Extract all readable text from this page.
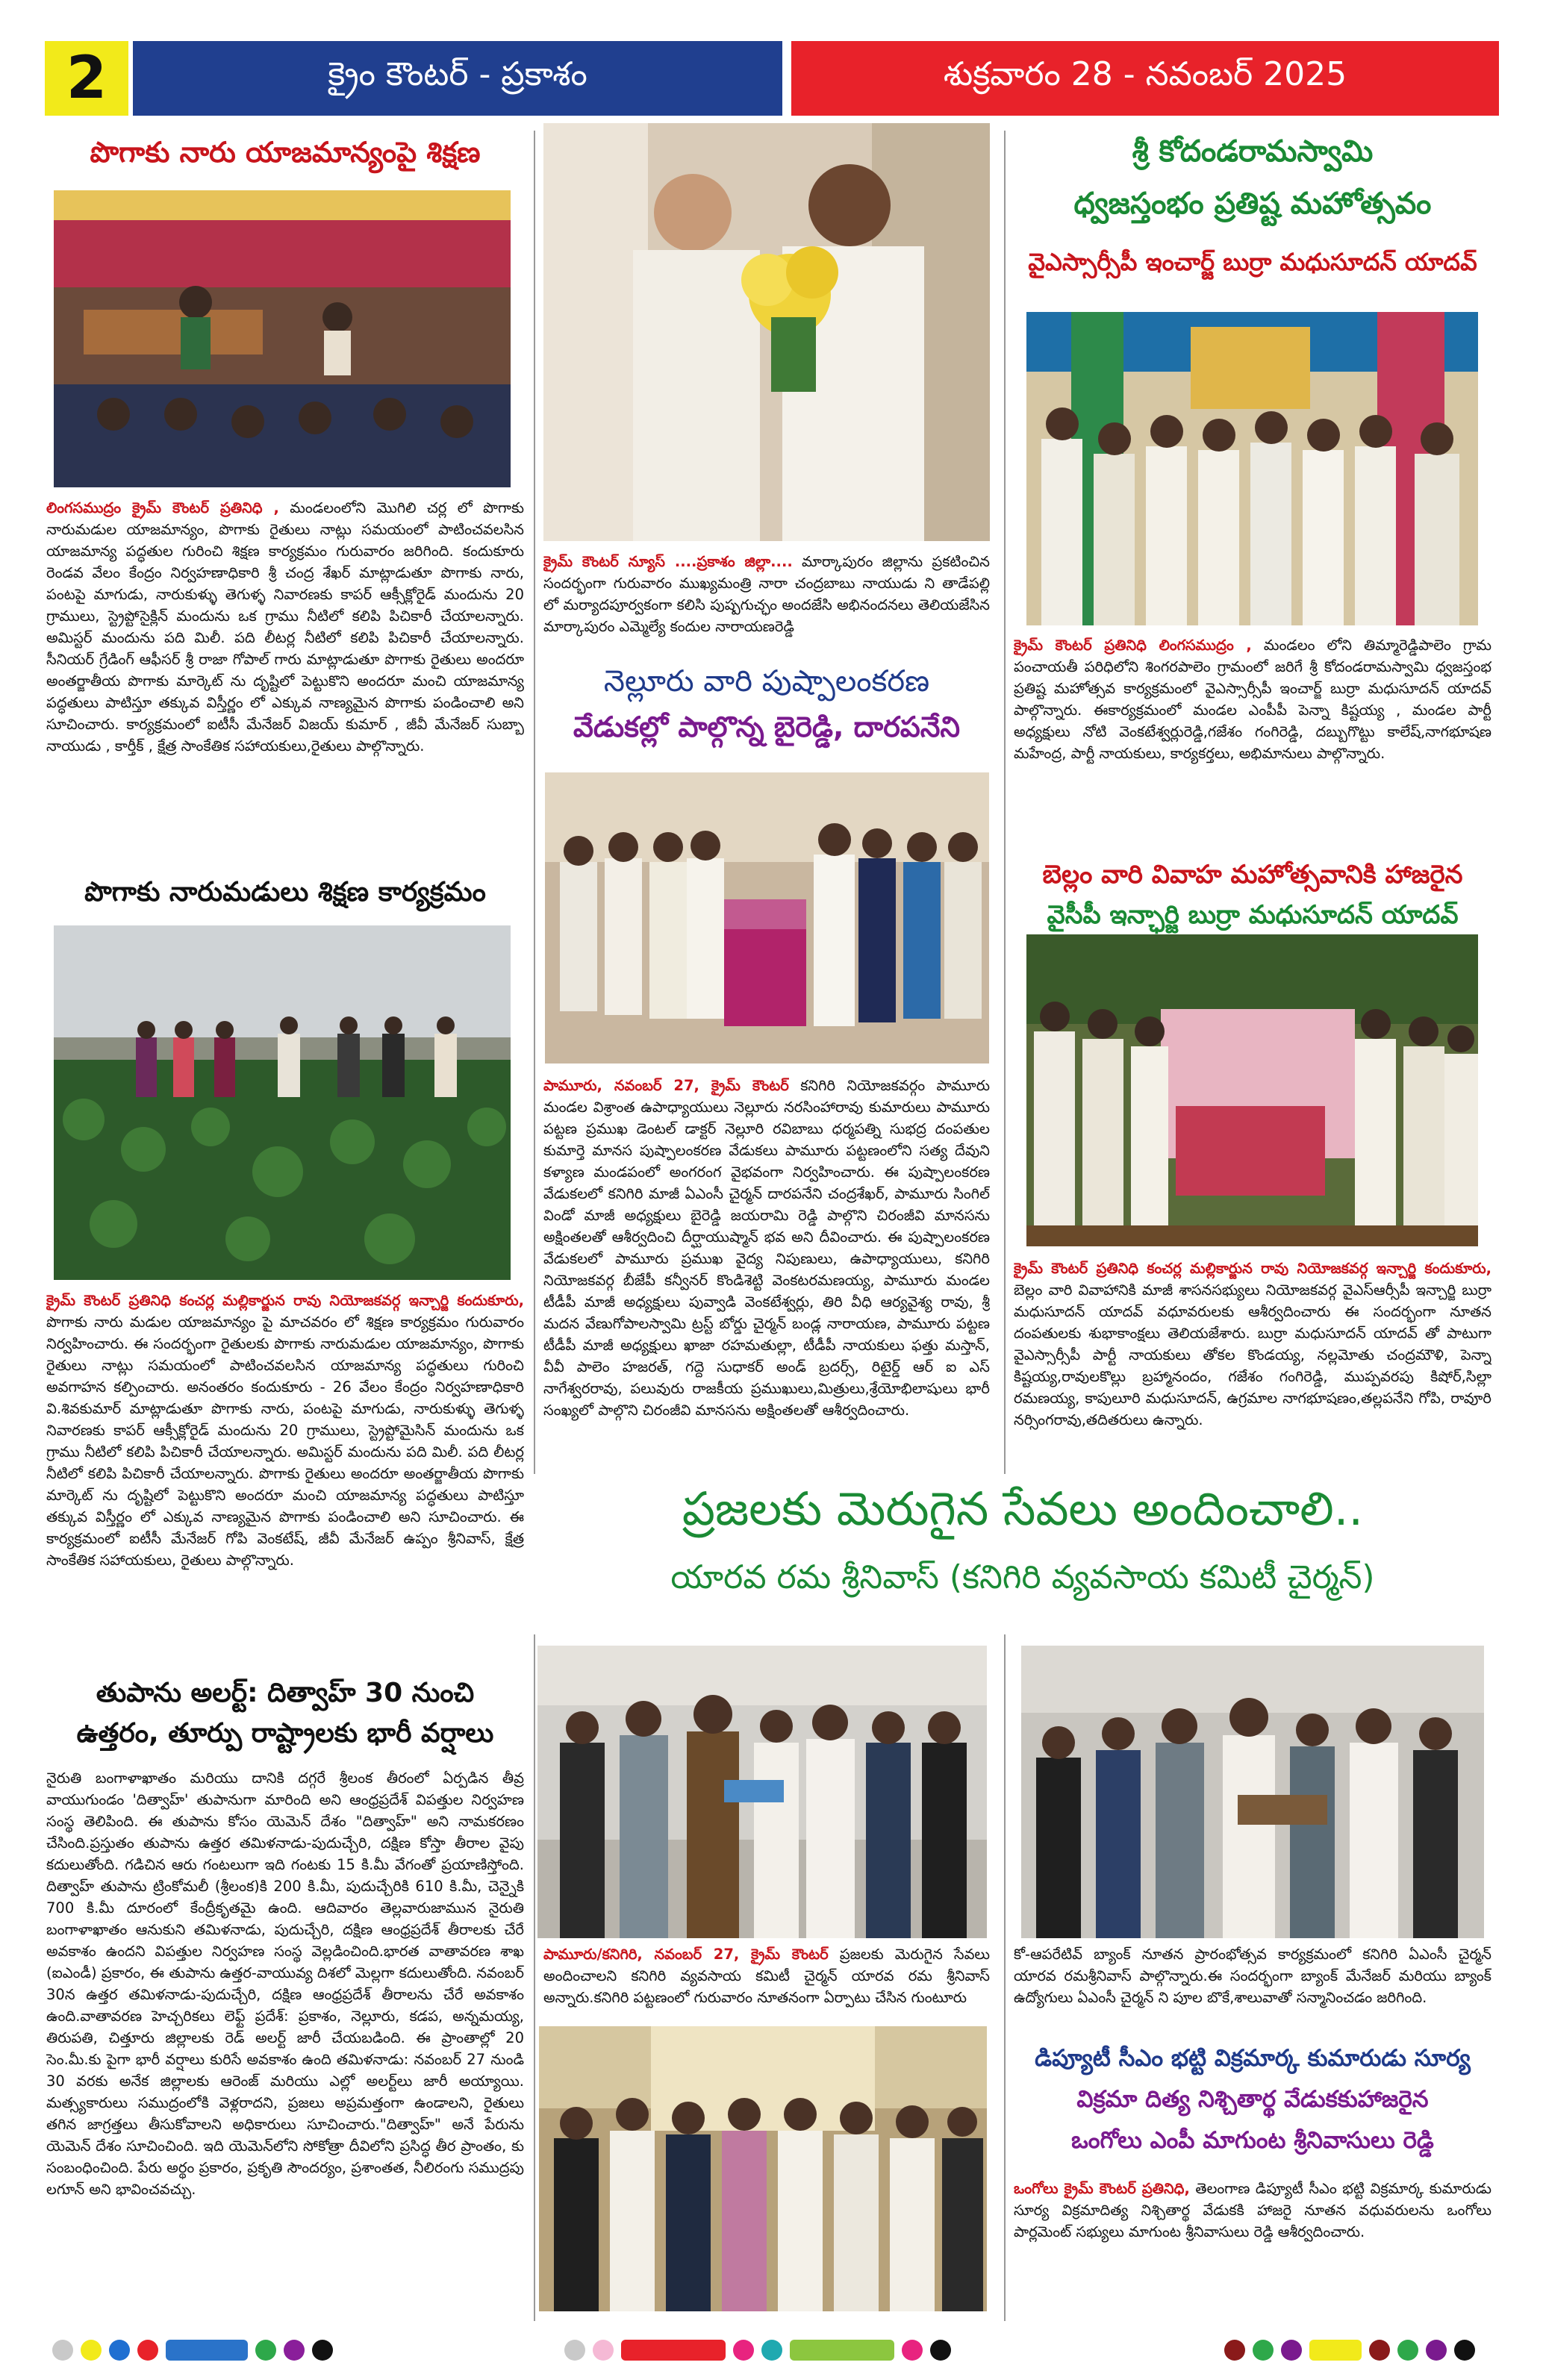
2	క్రైం కౌంటర్ - ప్రకాశం	శుక్రవారం 28 - నవంబర్ 2025
పొగాకు నారు యాజమాన్యంపై శిక్షణ
లింగసముద్రం క్రైమ్ కౌంటర్ ప్రతినిధి , మండలంలోని మొగిలి చర్ల లో పొగాకు నారుమడుల యాజమాన్యం, పొగాకు రైతులు నాట్లు సమయంలో పాటించవలసిన యాజమాన్య పద్ధతుల గురించి శిక్షణ కార్యక్రమం గురువారం జరిగింది. కందుకూరు రెండవ వేలం కేంద్రం నిర్వహణాధికారి శ్రీ చంద్ర శేఖర్ మాట్లాడుతూ పొగాకు నారు, పంటపై మాగుడు, నారుకుళ్ళు తెగుళ్ళ నివారణకు కాపర్ ఆక్సీక్లోరైడ్ మందును 20 గ్రాములు, స్ట్రెప్టోసైక్లిన్ మందును ఒక గ్రాము నీటిలో కలిపి పిచికారీ చేయాలన్నారు. అమిస్టర్ మందును పది మిలీ. పది లీటర్ల నీటిలో కలిపి పిచికారీ చేయాలన్నారు. సీనియర్ గ్రేడింగ్ ఆఫీసర్ శ్రీ రాజా గోపాల్ గారు మాట్లాడుతూ పొగాకు రైతులు అందరూ అంతర్జాతీయ పొగాకు మార్కెట్ ను దృష్టిలో పెట్టుకొని అందరూ మంచి యాజమాన్య పద్ధతులు పాటిస్తూ తక్కువ విస్తీర్ణం లో ఎక్కువ నాణ్యమైన పొగాకు పండించాలి అని సూచించారు. కార్యక్రమంలో ఐటీసీ మేనేజర్ విజయ్ కుమార్ , జీవీ మేనేజర్ సుబ్బా నాయుడు , కార్తీక్ , క్షేత్ర సాంకేతిక సహాయకులు,రైతులు పాల్గొన్నారు.
పొగాకు నారుమడులు శిక్షణ కార్యక్రమం
క్రైమ్ కౌంటర్ ప్రతినిధి కంచర్ల మల్లికార్జున రావు నియోజకవర్గ ఇన్చార్జి కందుకూరు, పొగాకు నారు మడుల యాజమాన్యం పై మాచవరం లో శిక్షణ కార్యక్రమం గురువారం నిర్వహించారు. ఈ సందర్భంగా రైతులకు పొగాకు నారుమడుల యాజమాన్యం, పొగాకు రైతులు నాట్లు సమయంలో పాటించవలసిన యాజమాన్య పద్ధతులు గురించి అవగాహన కల్పించారు. అనంతరం కందుకూరు - 26 వేలం కేంద్రం నిర్వహణాధికారి వి.శివకుమార్ మాట్లాడుతూ పొగాకు నారు, పంటపై మాగుడు, నారుకుళ్ళు తెగుళ్ళ నివారణకు కాపర్ ఆక్సీక్లోరైడ్ మందును 20 గ్రాములు, స్ట్రెప్టోమైసిన్ మందును ఒక గ్రాము నీటిలో కలిపి పిచికారీ చేయాలన్నారు. అమిస్టర్ మందును పది మిలీ. పది లీటర్ల నీటిలో కలిపి పిచికారీ చేయాలన్నారు. పొగాకు రైతులు అందరూ అంతర్జాతీయ పొగాకు మార్కెట్ ను దృష్టిలో పెట్టుకొని అందరూ మంచి యాజమాన్య పద్ధతులు పాటిస్తూ తక్కువ విస్తీర్ణం లో ఎక్కువ నాణ్యమైన పొగాకు పండించాలి అని సూచించారు. ఈ కార్యక్రమంలో ఐటీసీ మేనేజర్ గోపి వెంకటేష్, జీవీ మేనేజర్ ఉప్పం శ్రీనివాస్, క్షేత్ర సాంకేతిక సహాయకులు, రైతులు పాల్గొన్నారు.
తుపాను అలర్ట్: దిత్వాహ్ 30 నుంచి
ఉత్తరం, తూర్పు రాష్ట్రాలకు భారీ వర్షాలు
నైరుతి బంగాళాఖాతం మరియు దానికి దగ్గరే శ్రీలంక తీరంలో ఏర్పడిన తీవ్ర వాయుగుండం 'దిత్వాహ్' తుపానుగా మారింది అని ఆంధ్రప్రదేశ్ విపత్తుల నిర్వహణ సంస్థ తెలిపింది. ఈ తుపాను కోసం యెమెన్ దేశం "దిత్వాహ్" అని నామకరణం చేసింది.ప్రస్తుతం తుపాను ఉత్తర తమిళనాడు-పుదుచ్చేరి, దక్షిణ కోస్తా తీరాల వైపు కదులుతోంది. గడిచిన ఆరు గంటలుగా ఇది గంటకు 15 కి.మీ వేగంతో ప్రయాణిస్తోంది. దిత్వాహ్ తుపాను ట్రింకోమలీ (శ్రీలంక)కి 200 కి.మీ, పుదుచ్చేరికి 610 కి.మీ, చెన్నైకి 700 కి.మీ దూరంలో కేంద్రీకృతమై ఉంది. ఆదివారం తెల్లవారుజామున నైరుతి బంగాళాఖాతం ఆనుకుని తమిళనాడు, పుదుచ్చేరి, దక్షిణ ఆంధ్రప్రదేశ్ తీరాలకు చేరే అవకాశం ఉందని విపత్తుల నిర్వహణ సంస్థ వెల్లడించింది.భారత వాతావరణ శాఖ (ఐఎండీ) ప్రకారం, ఈ తుపాను ఉత్తర-వాయువ్య దిశలో మెల్లగా కదులుతోంది. నవంబర్ 30న ఉత్తర తమిళనాడు-పుదుచ్చేరి, దక్షిణ ఆంధ్రప్రదేశ్ తీరాలను చేరే అవకాశం ఉంది.వాతావరణ హెచ్చరికలు లెఫ్ట్ ప్రదేశ్: ప్రకాశం, నెల్లూరు, కడప, అన్నమయ్య, తిరుపతి, చిత్తూరు జిల్లాలకు రెడ్ అలర్ట్ జారీ చేయబడింది. ఈ ప్రాంతాల్లో 20 సెం.మీ.కు పైగా భారీ వర్షాలు కురిసే అవకాశం ఉంది తమిళనాడు: నవంబర్ 27 నుండి 30 వరకు అనేక జిల్లాలకు ఆరెంజ్ మరియు ఎల్లో అలర్ట్‌లు జారీ అయ్యాయి. మత్స్యకారులు సముద్రంలోకి వెళ్లరాదని, ప్రజలు అప్రమత్తంగా ఉండాలని, రైతులు తగిన జాగ్రత్తలు తీసుకోవాలని అధికారులు సూచించారు."దిత్వాహ్" అనే పేరును యెమెన్ దేశం సూచించింది. ఇది యెమెన్‌లోని సోకోత్రా దీవిలోని ప్రసిద్ధ తీర ప్రాంతం, కు సంబంధించింది. పేరు అర్థం ప్రకారం, ప్రకృతి సౌందర్యం, ప్రశాంతత, నీలిరంగు సముద్రపు లగూన్ అని భావించవచ్చు.
క్రైమ్ కౌంటర్ న్యూస్ ....ప్రకాశం జిల్లా.... మార్కాపురం జిల్లాను ప్రకటించిన సందర్భంగా గురువారం ముఖ్యమంత్రి నారా చంద్రబాబు నాయుడు ని తాడేపల్లి లో మర్యాదపూర్వకంగా కలిసి పుష్పగుచ్ఛం అందజేసి అభినందనలు తెలియజేసిన మార్కాపురం ఎమ్మెల్యే కందుల నారాయణరెడ్డి
నెల్లూరు వారి పుష్పాలంకరణ
వేడుకల్లో పాల్గొన్న బైరెడ్డి, దారపనేని
పామూరు, నవంబర్ 27, క్రైమ్ కౌంటర్ కనిగిరి నియోజకవర్గం పామూరు మండల విశ్రాంత ఉపాధ్యాయులు నెల్లూరు నరసింహారావు కుమారులు పామూరు పట్టణ ప్రముఖ డెంటల్ డాక్టర్ నెల్లూరి రవిబాబు ధర్మపత్ని సుభద్ర దంపతుల కుమార్తె మానస పుష్పాలంకరణ వేడుకలు పామూరు పట్టణంలోని సత్య దేవుని కళ్యాణ మండపంలో అంగరంగ వైభవంగా నిర్వహించారు. ఈ పుష్పాలంకరణ వేడుకలలో కనిగిరి మాజీ ఏఎంసీ చైర్మన్ దారపనేని చంద్రశేఖర్, పామూరు సింగిల్ విండో మాజీ అధ్యక్షులు బైరెడ్డి జయరామి రెడ్డి పాల్గొని చిరంజీవి మానసను అక్షింతలతో ఆశీర్వదించి దీర్ఘాయుష్మాన్ భవ అని దీవించారు. ఈ పుష్పాలంకరణ వేడుకలలో పామూరు ప్రముఖ వైద్య నిపుణులు, ఉపాధ్యాయులు, కనిగిరి నియోజకవర్గ బీజేపీ కన్వీనర్ కొండిశెట్టి వెంకటరమణయ్య, పామూరు మండల టీడీపీ మాజీ అధ్యక్షులు పువ్వాడి వెంకటేశ్వర్లు, తిరి వీధి ఆర్యవైశ్య రావు, శ్రీ మదన వేణుగోపాలస్వామి ట్రస్ట్ బోర్డు చైర్మన్ బండ్ల నారాయణ, పామూరు పట్టణ టీడీపీ మాజీ అధ్యక్షులు ఖాజా రహమతుల్లా, టీడీపీ నాయకులు ఫత్తు మస్తాన్, వీవీ పాలెం హజరత్, గద్దె సుధాకర్ అండ్ బ్రదర్స్, రిటైర్డ్ ఆర్ ఐ ఎస్ నాగేశ్వరరావు, పలువురు రాజకీయ ప్రముఖులు,మిత్రులు,శ్రేయోభిలాషులు భారీ సంఖ్యలో పాల్గొని చిరంజీవి మానసను అక్షింతలతో ఆశీర్వదించారు.
శ్రీ కోదండరామస్వామి
ధ్వజస్తంభం ప్రతిష్ట మహోత్సవం
వైఎస్సార్సీపీ ఇంచార్జ్ బుర్రా మధుసూదన్ యాదవ్
క్రైమ్ కౌంటర్ ప్రతినిధి లింగసముద్రం , మండలం లోని తిమ్మారెడ్డిపాలెం గ్రామ పంచాయతీ పరిధిలోని శింగరపాలెం గ్రామంలో జరిగే శ్రీ కోదండరామస్వామి ధ్వజస్తంభ ప్రతిష్ట మహోత్సవ కార్యక్రమంలో వైఎస్సార్సీపీ ఇంచార్జ్ బుర్రా మధుసూదన్ యాదవ్ పాల్గొన్నారు. ఈకార్యక్రమంలో మండల ఎంపీపీ పెన్నా కిష్టయ్య , మండల పార్టీ అధ్యక్షులు నోటి వెంకటేశ్వర్లురెడ్డి,గజేశం గంగిరెడ్డి, దబ్బుగొట్టు కాలేష్,నాగభూషణ మహేంద్ర, పార్టీ నాయకులు, కార్యకర్తలు, అభిమానులు పాల్గొన్నారు.
బెల్లం వారి వివాహ మహోత్సవానికి హాజరైన
వైసీపీ ఇన్ఛార్జి బుర్రా మధుసూదన్ యాదవ్
క్రైమ్ కౌంటర్ ప్రతినిధి కంచర్ల మల్లికార్జున రావు నియోజకవర్గ ఇన్చార్జి కందుకూరు, బెల్లం వారి వివాహానికి మాజీ శాసనసభ్యులు నియోజకవర్గ వైఎస్ఆర్సీపీ ఇన్చార్జి బుర్రా మధుసూదన్ యాదవ్ వధూవరులకు ఆశీర్వదించారు ఈ సందర్భంగా నూతన దంపతులకు శుభాకాంక్షలు తెలియజేశారు. బుర్రా మధుసూదన్ యాదవ్ తో పాటుగా వైఎస్సార్సీపీ పార్టీ నాయకులు తోకల కొండయ్య, నల్లమోతు చంద్రమౌళి, పెన్నా కిష్టయ్య,రావులకొల్లు బ్రహ్మానందం, గజేశం గంగిరెడ్డి, ముప్పవరపు కిషోర్,సిల్లా రమణయ్య, కాపులూరి మధుసూదన్, ఉగ్రమాల నాగభూషణం,తల్లపనేని గోపి, రావూరి నర్సింగరావు,తదితరులు ఉన్నారు.
ప్రజలకు మెరుగైన సేవలు అందించాలి..
యారవ రమ శ్రీనివాస్ (కనిగిరి వ్యవసాయ కమిటీ చైర్మన్)
పామూరు/కనిగిరి, నవంబర్ 27, క్రైమ్ కౌంటర్ ప్రజలకు మెరుగైన సేవలు అందించాలని కనిగిరి వ్యవసాయ కమిటీ చైర్మన్ యారవ రమ శ్రీనివాస్ అన్నారు.కనిగిరి పట్టణంలో గురువారం నూతనంగా ఏర్పాటు చేసిన గుంటూరు
కో-ఆపరేటివ్ బ్యాంక్ నూతన ప్రారంభోత్సవ కార్యక్రమంలో కనిగిరి ఏఎంసీ చైర్మన్ యారవ రమశ్రీనివాస్ పాల్గొన్నారు.ఈ సందర్భంగా బ్యాంక్ మేనేజర్ మరియు బ్యాంక్ ఉద్యోగులు ఏఎంసీ చైర్మన్ ని పూల బొకే,శాలువాతో సన్మానించడం జరిగింది.
డిప్యూటీ సీఎం భట్టి విక్రమార్క కుమారుడు సూర్య
విక్రమా దిత్య నిశ్చితార్థ వేడుకకుహాజరైన
ఒంగోలు ఎంపీ మాగుంట శ్రీనివాసులు రెడ్డి
ఒంగోలు క్రైమ్ కౌంటర్ ప్రతినిధి, తెలంగాణ డిప్యూటీ సీఎం భట్టి విక్రమార్క కుమారుడు సూర్య విక్రమాదిత్య నిశ్చితార్థ వేడుకకి హాజరై నూతన వధువరులను ఒంగోలు పార్లమెంట్ సభ్యులు మాగుంట శ్రీనివాసులు రెడ్డి ఆశీర్వదించారు.
